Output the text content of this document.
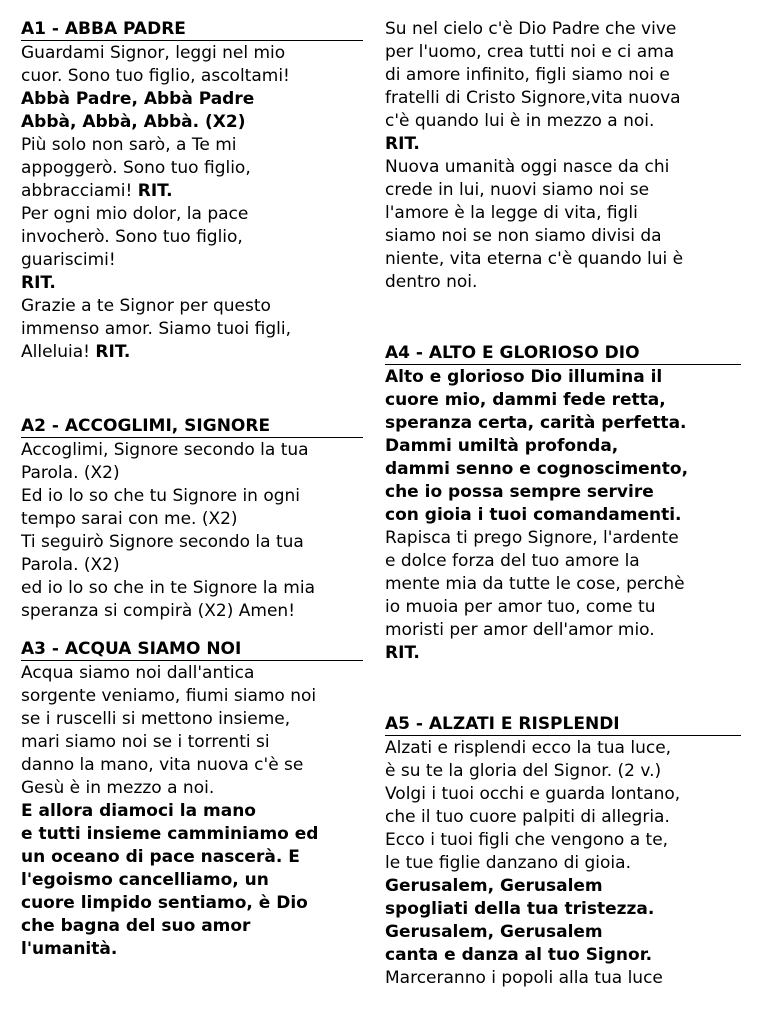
A1 - ABBA PADRE
Guardami Signor, leggi nel mio
cuor. Sono tuo figlio, ascoltami!
Abbà Padre, Abbà Padre
Abbà, Abbà, Abbà. (X2)
Più solo non sarò, a Te mi
appoggerò. Sono tuo figlio,
abbracciami! RIT.
Per ogni mio dolor, la pace
invocherò. Sono tuo figlio,
guariscimi!
RIT.
Grazie a te Signor per questo
immenso amor. Siamo tuoi figli,
Alleluia! RIT.
A2 - ACCOGLIMI, SIGNORE
Accoglimi, Signore secondo la tua
Parola. (X2)
Ed io lo so che tu Signore in ogni
tempo sarai con me. (X2)
Ti seguirò Signore secondo la tua
Parola. (X2)
ed io lo so che in te Signore la mia
speranza si compirà (X2) Amen!
A3 - ACQUA SIAMO NOI
Acqua siamo noi dall'antica
sorgente veniamo, fiumi siamo noi
se i ruscelli si mettono insieme,
mari siamo noi se i torrenti si
danno la mano, vita nuova c'è se
Gesù è in mezzo a noi.
E allora diamoci la mano
e tutti insieme camminiamo ed
un oceano di pace nascerà. E
l'egoismo cancelliamo, un
cuore limpido sentiamo, è Dio
che bagna del suo amor
l'umanità.
Su nel cielo c'è Dio Padre che vive
per l'uomo, crea tutti noi e ci ama
di amore infinito, figli siamo noi e
fratelli di Cristo Signore,vita nuova
c'è quando lui è in mezzo a noi.
RIT.
Nuova umanità oggi nasce da chi
crede in lui, nuovi siamo noi se
l'amore è la legge di vita, figli
siamo noi se non siamo divisi da
niente, vita eterna c'è quando lui è
dentro noi.
A4 - ALTO E GLORIOSO DIO
Alto e glorioso Dio illumina il
cuore mio, dammi fede retta,
speranza certa, carità perfetta.
Dammi umiltà profonda,
dammi senno e cognoscimento,
che io possa sempre servire
con gioia i tuoi comandamenti.
Rapisca ti prego Signore, l'ardente
e dolce forza del tuo amore la
mente mia da tutte le cose, perchè
io muoia per amor tuo, come tu
moristi per amor dell'amor mio.
RIT.
A5 - ALZATI E RISPLENDI
Alzati e risplendi ecco la tua luce,
è su te la gloria del Signor. (2 v.)
Volgi i tuoi occhi e guarda lontano,
che il tuo cuore palpiti di allegria.
Ecco i tuoi figli che vengono a te,
le tue figlie danzano di gioia.
Gerusalem, Gerusalem
spogliati della tua tristezza.
Gerusalem, Gerusalem
canta e danza al tuo Signor.
Marceranno i popoli alla tua luce
